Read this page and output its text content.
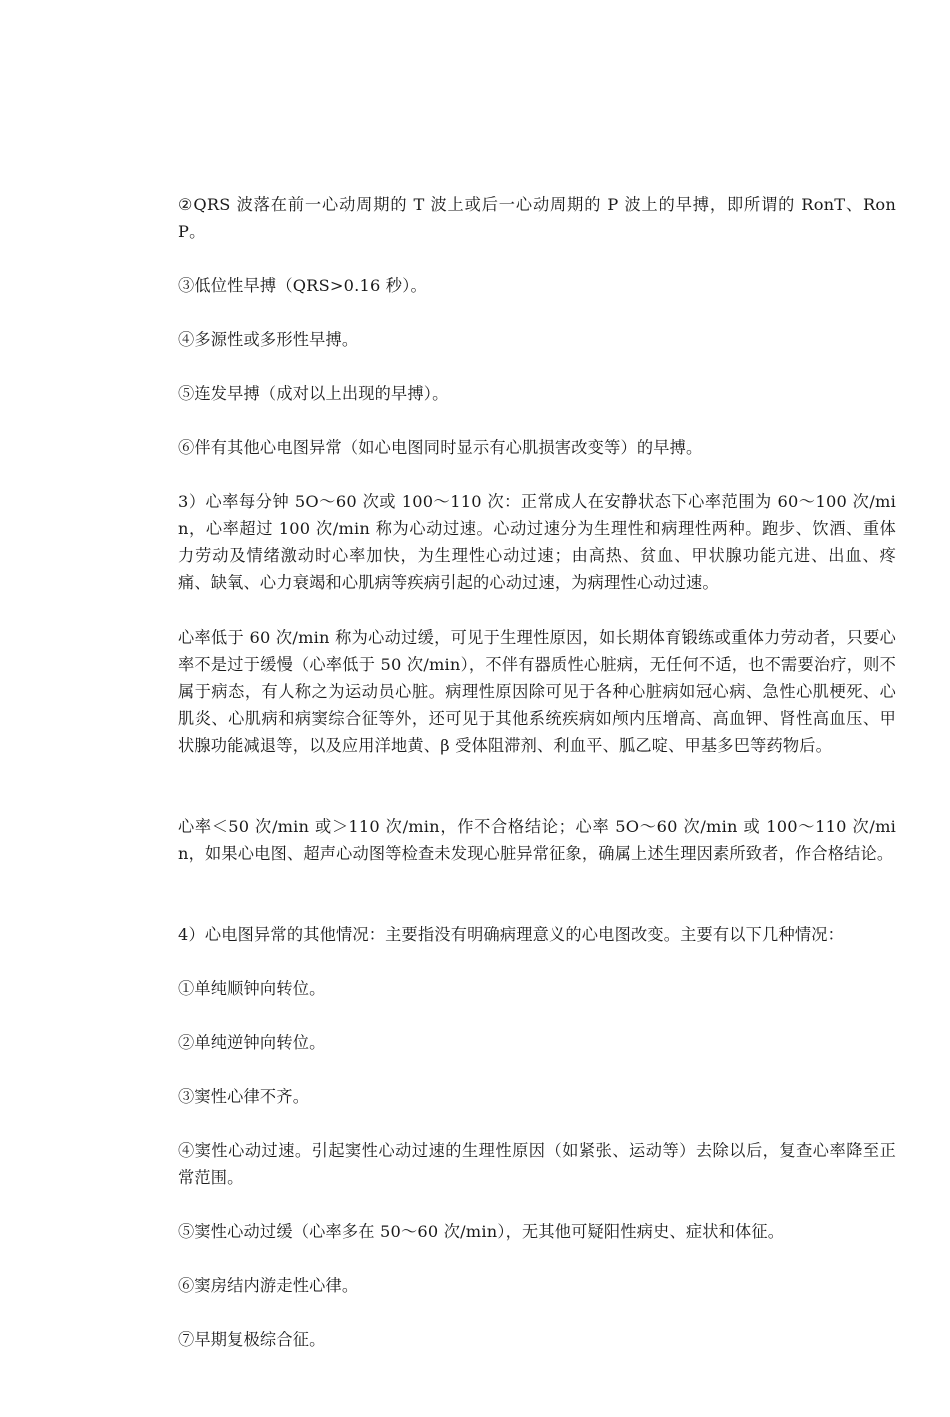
②QRS 波落在前一心动周期的 T 波上或后一心动周期的 P 波上的早搏，即所谓的 RonT、RonP。

③低位性早搏（QRS>0.16 秒）。

④多源性或多形性早搏。

⑤连发早搏（成对以上出现的早搏）。

⑥伴有其他心电图异常（如心电图同时显示有心肌损害改变等）的早搏。

3）心率每分钟 5O～60 次或 100～110 次：正常成人在安静状态下心率范围为 60～100 次/min，心率超过 100 次/min 称为心动过速。心动过速分为生理性和病理性两种。跑步、饮酒、重体力劳动及情绪激动时心率加快，为生理性心动过速；由高热、贫血、甲状腺功能亢进、出血、疼痛、缺氧、心力衰竭和心肌病等疾病引起的心动过速，为病理性心动过速。

心率低于 60 次/min 称为心动过缓，可见于生理性原因，如长期体育锻练或重体力劳动者，只要心率不是过于缓慢（心率低于 50 次/min），不伴有器质性心脏病，无任何不适，也不需要治疗，则不属于病态，有人称之为运动员心脏。病理性原因除可见于各种心脏病如冠心病、急性心肌梗死、心肌炎、心肌病和病窦综合征等外，还可见于其他系统疾病如颅内压增高、高血钾、肾性高血压、甲状腺功能减退等，以及应用洋地黄、β 受体阻滞剂、利血平、胍乙啶、甲基多巴等药物后。

心率＜50 次/min 或＞110 次/min，作不合格结论；心率 5O～60 次/min 或 100～110 次/min，如果心电图、超声心动图等检查未发现心脏异常征象，确属上述生理因素所致者，作合格结论。

4）心电图异常的其他情况：主要指没有明确病理意义的心电图改变。主要有以下几种情况：

①单纯顺钟向转位。

②单纯逆钟向转位。

③窦性心律不齐。

④窦性心动过速。引起窦性心动过速的生理性原因（如紧张、运动等）去除以后，复查心率降至正常范围。

⑤窦性心动过缓（心率多在 50～60 次/min），无其他可疑阳性病史、症状和体征。

⑥窦房结内游走性心律。

⑦早期复极综合征。
